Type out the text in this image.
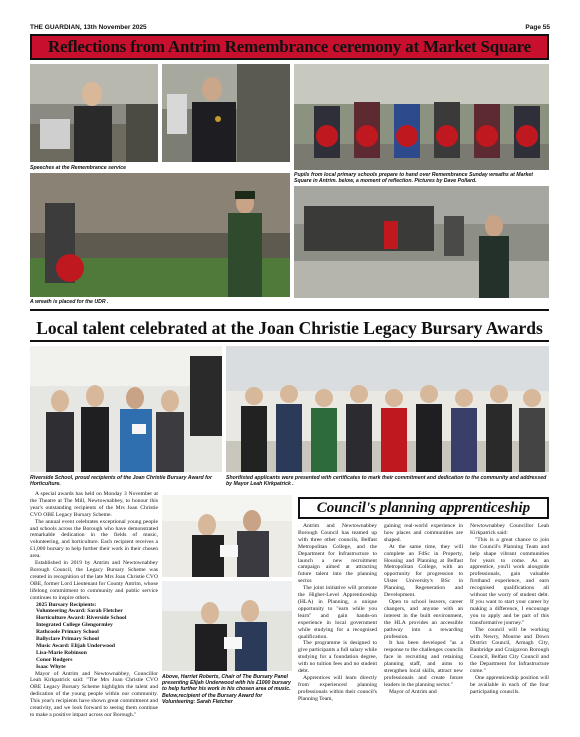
THE GUARDIAN, 13th November 2025	Page 55
Reflections from Antrim Remembrance ceremony at Market Square
Speeches at the Remembrance service
Pupils from local primary schools prepare to hand over Remembrance Sunday wreaths at Market Square in Antrim. below, a moment of reflection. Pictures by Dave Pollard.
A wreath is placed for the UDR .
Local talent celebrated at the Joan Christie Legacy Bursary Awards
Riverside School, proud recipients of the Joan Christie Bursary Award for Horticulture.
Shortlisted applicants were presented with certificates to mark their commitment and dedication to the community and addressed by Mayor Leah Kirkpatrick .

A special awards has held on Monday 3 November at the Theatre at The Mill, Newtownabbey, to honour this year's outstanding recipients of the Mrs Joan Christie CVO OBE Legacy Bursary Scheme.

The annual event celebrates exceptional young people and schools across the Borough who have demonstrated remarkable dedication in the fields of music, volunteering, and horticulture. Each recipient receives a £1,000 bursary to help further their work in their chosen area.

Established in 2019 by Antrim and Newtownabbey Borough Council, the Legacy Bursary Scheme was created in recognition of the late Mrs Joan Christie CVO OBE, former Lord Lieutenant for County Antrim, whose lifelong commitment to community and public service continues to inspire others.

2025 Bursary Recipients:

Volunteering Award: Sarah Fletcher

Horticulture Award: Riverside School

Integrated College Glengormley

Rathcoole Primary School

Ballyclare Primary School

Music Award: Elijah Underwood

Lisa-Marie Robinson

Conor Rodgers

Isaac Whyte

Mayor of Antrim and Newtownabbey, Councillor Leah Kirkpatrick said: "The Mrs Joan Christie CVO OBE Legacy Bursary Scheme highlights the talent and dedication of the young people within our community. This year's recipients have shown great commitment and creativity, and we look forward to seeing them continue to make a positive impact across our Borough."

Above, Harriet Roberts, Chair of The Bursary Panel presenting Elijah Underwood with his £1000 bursary to help further his work in his chosen area of music. Below,recipient of the Bursary Award for Volunteering: Sarah Fletcher
Council's planning apprenticeship

Antrim and Newtownabbey Borough Council has teamed up with three other councils, Belfast Metropolitan College, and the Department for Infrastructure to launch a new recruitment campaign aimed at attracting future talent into the planning sector.

The joint initiative will promote the Higher-Level Apprenticeship (HLA) in Planning, a unique opportunity to "earn while you learn" and gain hands-on experience in local government while studying for a recognised qualification.

The programme is designed to give participants a full salary while studying for a foundation degree, with no tuition fees and no student debt.

Apprentices will learn directly from experienced planning professionals within their council's Planning Team,

gaining real-world experience in how places and communities are shaped.

At the same time, they will complete an FdSc in Property, Housing and Planning at Belfast Metropolitan College, with an opportunity for progression to Ulster University's BSc in Planning, Regeneration and Development.

Open to school leavers, career changers, and anyone with an interest in the built environment, the HLA provides an accessible pathway into a rewarding profession.

It has been developed "as a response to the challenges councils face in recruiting and retaining planning staff, and aims to strengthen local skills, attract new professionals and create future leaders in the planning sector."

Mayor of Antrim and

Newtownabbey Councillor Leah Kirkpatrick said:

"This is a great chance to join the Council's Planning Team and help shape vibrant communities for years to come. As an apprentice, you'll work alongside professionals, gain valuable firsthand experience, and earn recognised qualifications all without the worry of student debt. If you want to start your career by making a difference, I encourage you to apply and be part of this transformative journey."

The council will be working with Newry, Mourne and Down District Council, Armagh City, Banbridge and Craigavon Borough Council, Belfast City Council and the Department for Infrastructure come."

One apprenticeship position will be available in each of the four participating councils.
